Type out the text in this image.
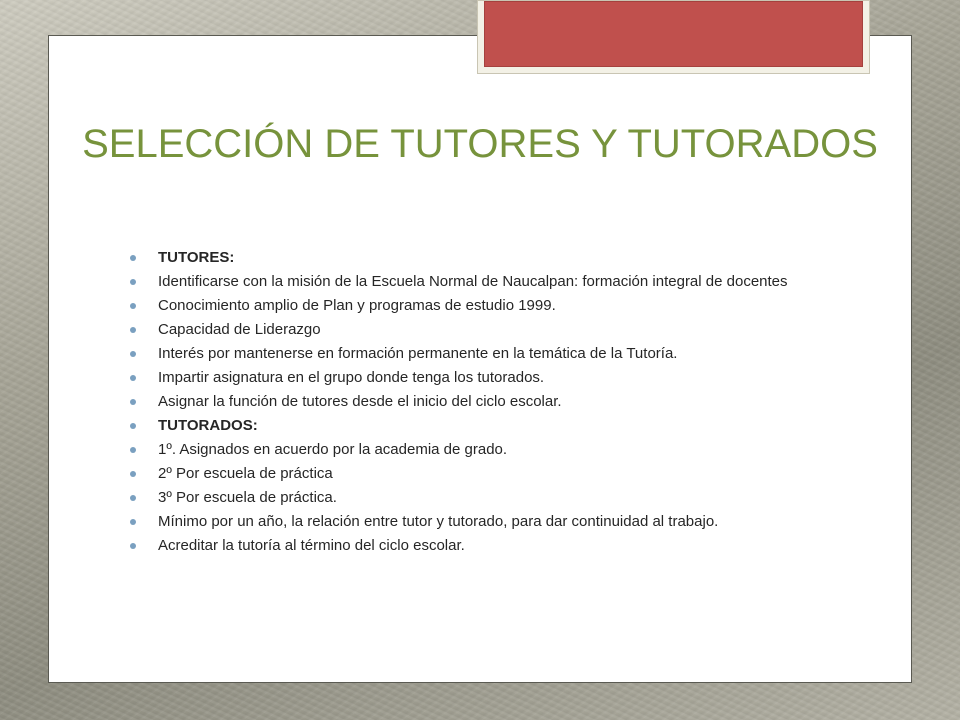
SELECCIÓN DE TUTORES Y TUTORADOS
TUTORES:
Identificarse con la misión de la Escuela Normal de Naucalpan: formación integral de docentes
Conocimiento amplio de Plan y programas de estudio 1999.
Capacidad de Liderazgo
Interés por mantenerse en formación permanente en la temática de la Tutoría.
Impartir asignatura en el grupo donde tenga los tutorados.
Asignar la función de tutores desde el inicio del ciclo escolar.
TUTORADOS:
1º. Asignados en acuerdo por la academia de grado.
2º Por escuela de práctica
3º Por escuela de práctica.
Mínimo por un año, la relación entre tutor y tutorado, para dar continuidad al trabajo.
Acreditar la tutoría al término del ciclo escolar.
